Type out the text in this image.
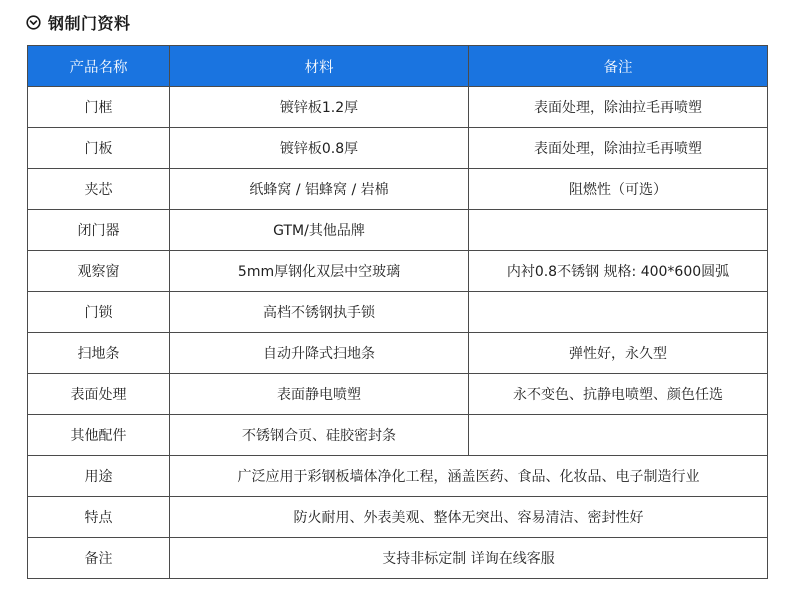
钢制门资料
产品名称	材料	备注
门框	镀锌板1.2厚	表面处理，除油拉毛再喷塑
门板	镀锌板0.8厚	表面处理，除油拉毛再喷塑
夹芯	纸蜂窝 / 铝蜂窝 / 岩棉	阻燃性（可选）
闭门器	GTM/其他品牌	
观察窗	5mm厚钢化双层中空玻璃	内衬0.8不锈钢 规格: 400*600圆弧
门锁	高档不锈钢执手锁	
扫地条	自动升降式扫地条	弹性好，永久型
表面处理	表面静电喷塑	永不变色、抗静电喷塑、颜色任选
其他配件	不锈钢合页、硅胶密封条	
用途	广泛应用于彩钢板墙体净化工程，涵盖医药、食品、化妆品、电子制造行业	
特点	防火耐用、外表美观、整体无突出、容易清洁、密封性好	
备注	支持非标定制 详询在线客服	
